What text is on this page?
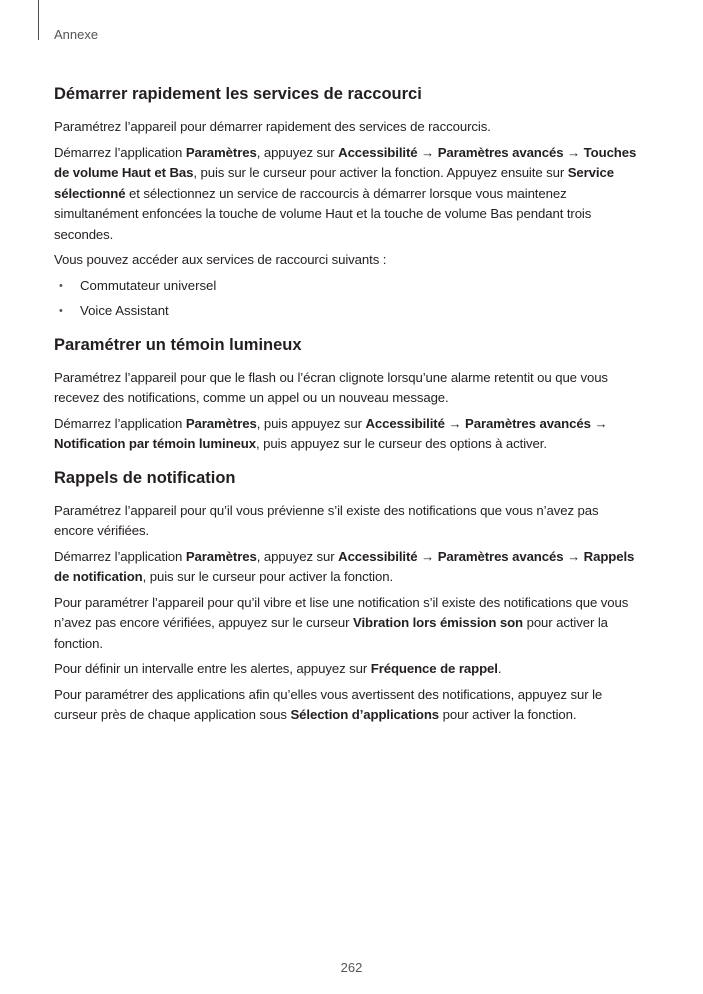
Annexe
Démarrer rapidement les services de raccourci

Paramétrez l’appareil pour démarrer rapidement des services de raccourcis.

Démarrez l’application Paramètres, appuyez sur Accessibilité → Paramètres avancés → Touches de volume Haut et Bas, puis sur le curseur pour activer la fonction. Appuyez ensuite sur Service sélectionné et sélectionnez un service de raccourcis à démarrer lorsque vous maintenez simultanément enfoncées la touche de volume Haut et la touche de volume Bas pendant trois secondes.

Vous pouvez accéder aux services de raccourci suivants :

• Commutateur universel
• Voice Assistant
Paramétrer un témoin lumineux

Paramétrez l’appareil pour que le flash ou l’écran clignote lorsqu’une alarme retentit ou que vous recevez des notifications, comme un appel ou un nouveau message.

Démarrez l’application Paramètres, puis appuyez sur Accessibilité → Paramètres avancés → Notification par témoin lumineux, puis appuyez sur le curseur des options à activer.

Rappels de notification

Paramétrez l’appareil pour qu’il vous prévienne s’il existe des notifications que vous n’avez pas encore vérifiées.

Démarrez l’application Paramètres, appuyez sur Accessibilité → Paramètres avancés → Rappels de notification, puis sur le curseur pour activer la fonction.

Pour paramétrer l’appareil pour qu’il vibre et lise une notification s’il existe des notifications que vous n’avez pas encore vérifiées, appuyez sur le curseur Vibration lors émission son pour activer la fonction.

Pour définir un intervalle entre les alertes, appuyez sur Fréquence de rappel.

Pour paramétrer des applications afin qu’elles vous avertissent des notifications, appuyez sur le curseur près de chaque application sous Sélection d’applications pour activer la fonction.

262
